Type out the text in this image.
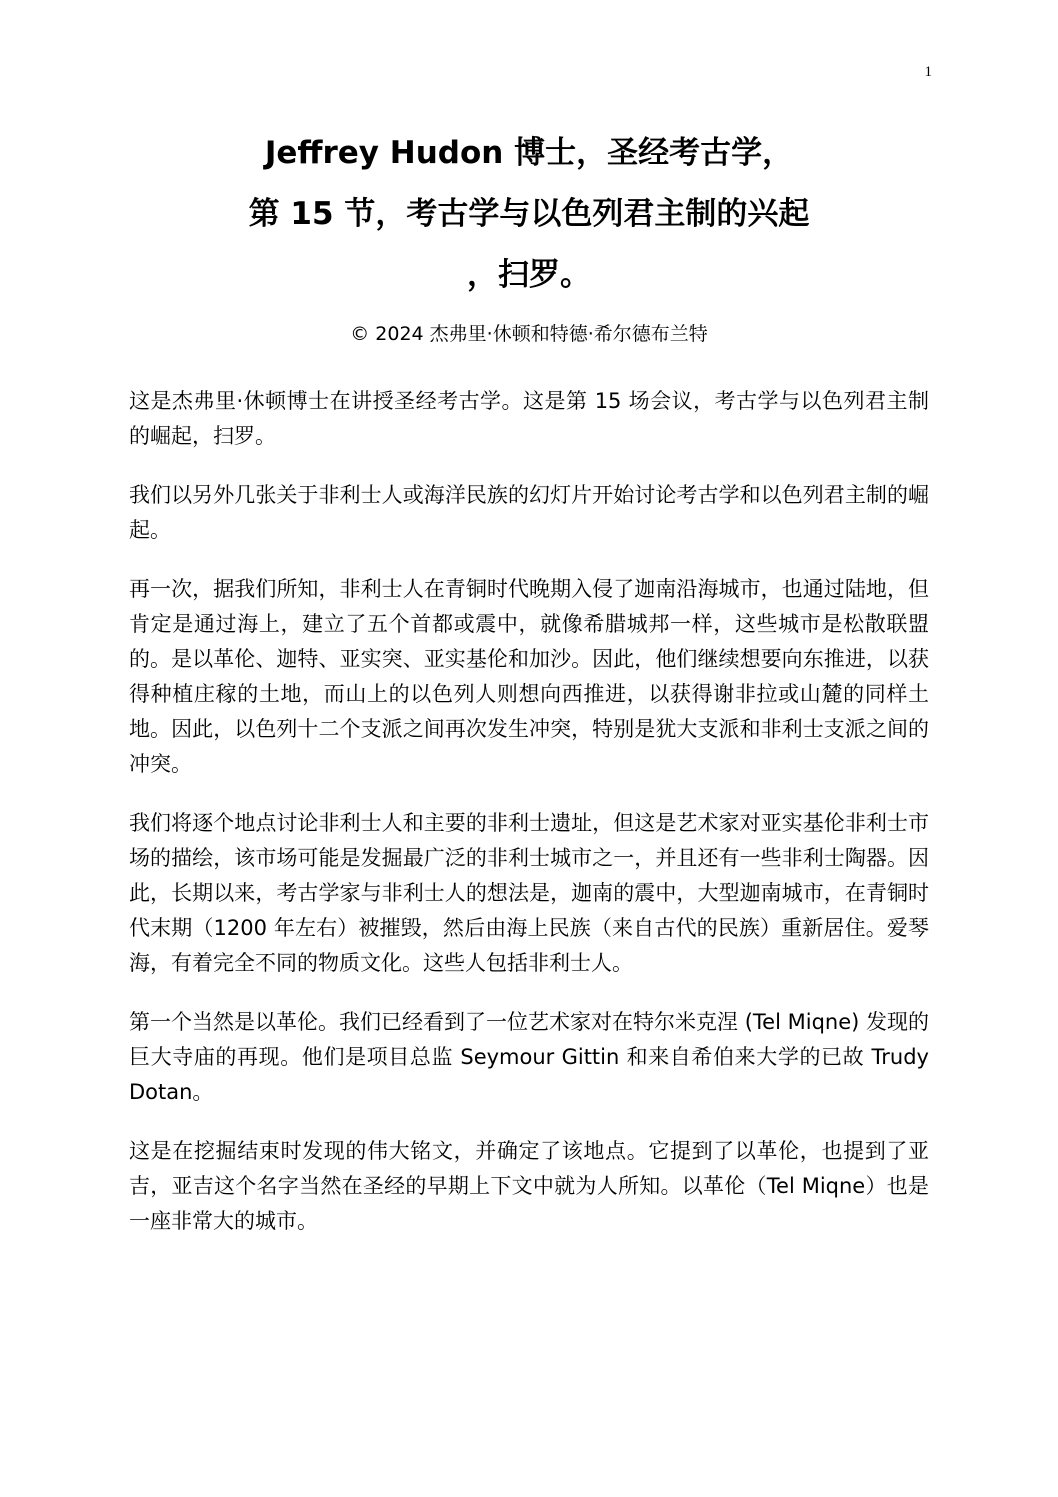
1
Jeffrey Hudon 博士，圣经考古学，
第 15 节，考古学与以色列君主制的兴起
，扫罗。
© 2024 杰弗里·休顿和特德·希尔德布兰特

这是杰弗里·休顿博士在讲授圣经考古学。这是第 15 场会议，考古学与以色列君主制的崛起，扫罗。

我们以另外几张关于非利士人或海洋民族的幻灯片开始讨论考古学和以色列君主制的崛起。

再一次，据我们所知，非利士人在青铜时代晚期入侵了迦南沿海城市，也通过陆地，但肯定是通过海上，建立了五个首都或震中，就像希腊城邦一样，这些城市是松散联盟的。是以革伦、迦特、亚实突、亚实基伦和加沙。因此，他们继续想要向东推进，以获得种植庄稼的土地，而山上的以色列人则想向西推进，以获得谢非拉或山麓的同样土地。因此，以色列十二个支派之间再次发生冲突，特别是犹大支派和非利士支派之间的冲突。

我们将逐个地点讨论非利士人和主要的非利士遗址，但这是艺术家对亚实基伦非利士市场的描绘，该市场可能是发掘最广泛的非利士城市之一，并且还有一些非利士陶器。因此，长期以来，考古学家与非利士人的想法是，迦南的震中，大型迦南城市，在青铜时代末期（1200 年左右）被摧毁，然后由海上民族（来自古代的民族）重新居住。爱琴海，有着完全不同的物质文化。这些人包括非利士人。

第一个当然是以革伦。我们已经看到了一位艺术家对在特尔米克涅 (Tel Miqne) 发现的巨大寺庙的再现。他们是项目总监 Seymour Gittin 和来自希伯来大学的已故 Trudy Dotan。

这是在挖掘结束时发现的伟大铭文，并确定了该地点。它提到了以革伦，也提到了亚吉，亚吉这个名字当然在圣经的早期上下文中就为人所知。以革伦（Tel Miqne）也是一座非常大的城市。
